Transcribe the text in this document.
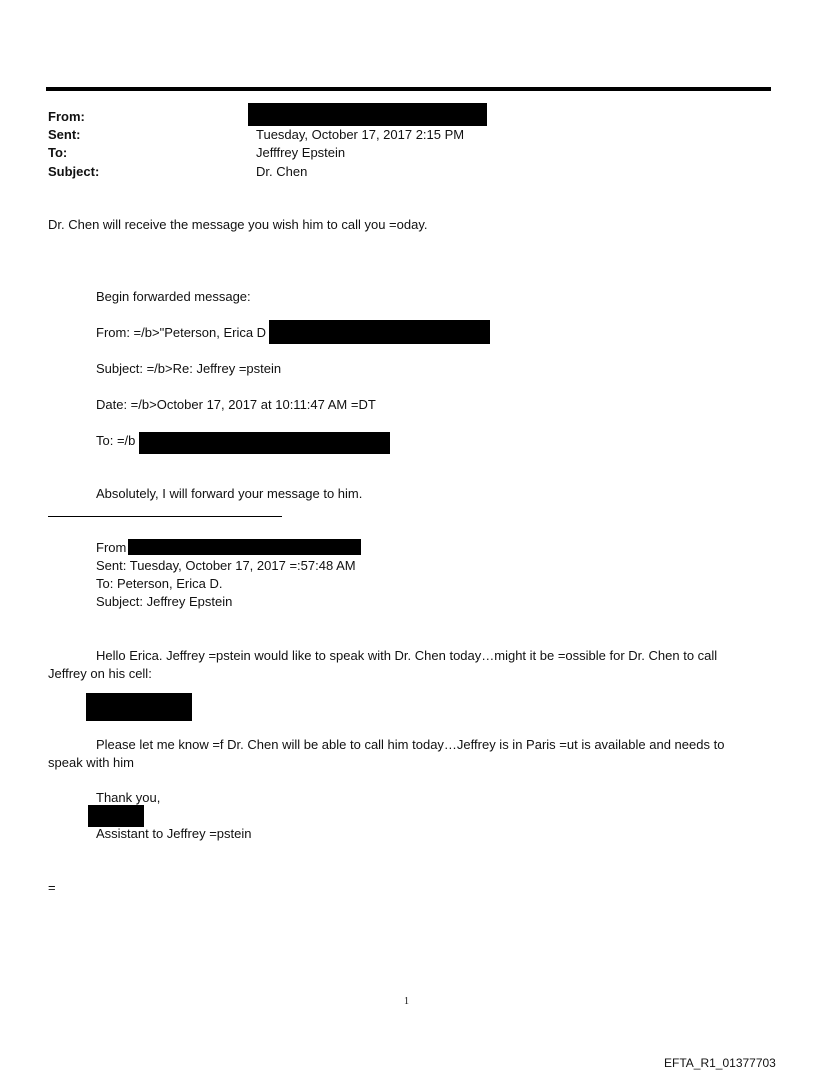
From:
Sent:	Tuesday, October 17, 2017 2:15 PM
To:	Jefffrey Epstein
Subject:	Dr. Chen
Dr. Chen will receive the message you wish him to call you =oday.
Begin forwarded message:
From: =/b>"Peterson, Erica D
Subject: =/b>Re: Jeffrey =pstein
Date: =/b>October 17, 2017 at 10:11:47 AM =DT
To: =/b
Absolutely, I will forward your message to him.
From
Sent: Tuesday, October 17, 2017 =:57:48 AM
To: Peterson, Erica D.
Subject: Jeffrey Epstein
Hello Erica. Jeffrey =pstein would like to speak with Dr. Chen today…might it be =ossible for Dr. Chen to call
Jeffrey on his cell:
Please let me know =f Dr. Chen will be able to call him today…Jeffrey is in Paris =ut is available and needs to
speak with him
Thank you,
Assistant to Jeffrey =pstein
=
1
EFTA_R1_01377703
